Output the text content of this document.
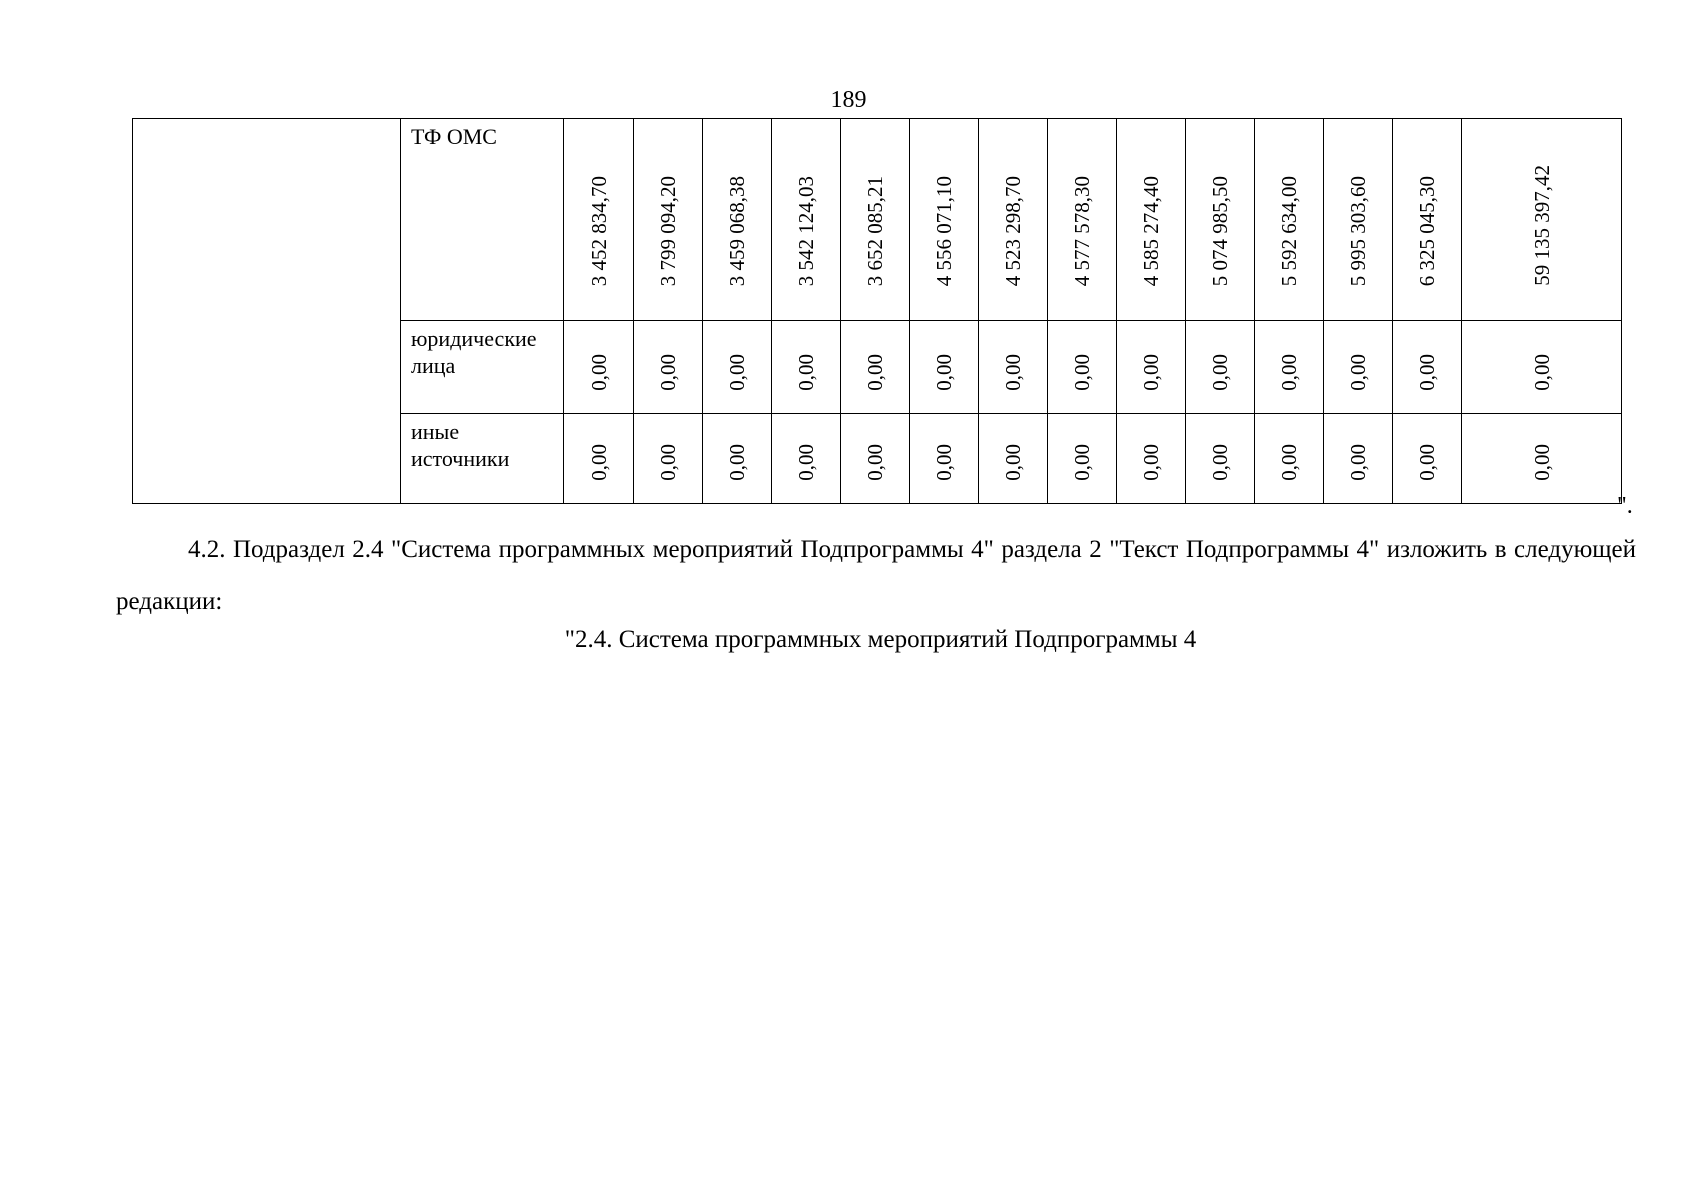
189
	ТФ ОМС	3 452 834,70	3 799 094,20	3 459 068,38	3 542 124,03	3 652 085,21	4 556 071,10	4 523 298,70	4 577 578,30	4 585 274,40	5 074 985,50	5 592 634,00	5 995 303,60	6 325 045,30	59 135 397,42

	юридические лица	0,00	0,00	0,00	0,00	0,00	0,00	0,00	0,00	0,00	0,00	0,00	0,00	0,00	0,00

	иные источники	0,00	0,00	0,00	0,00	0,00	0,00	0,00	0,00	0,00	0,00	0,00	0,00	0,00	0,00
".

4.2. Подраздел 2.4 "Система программных мероприятий Подпрограммы 4" раздела 2 "Текст Подпрограммы 4" изложить в следующей редакции:

"2.4. Система программных мероприятий Подпрограммы 4
